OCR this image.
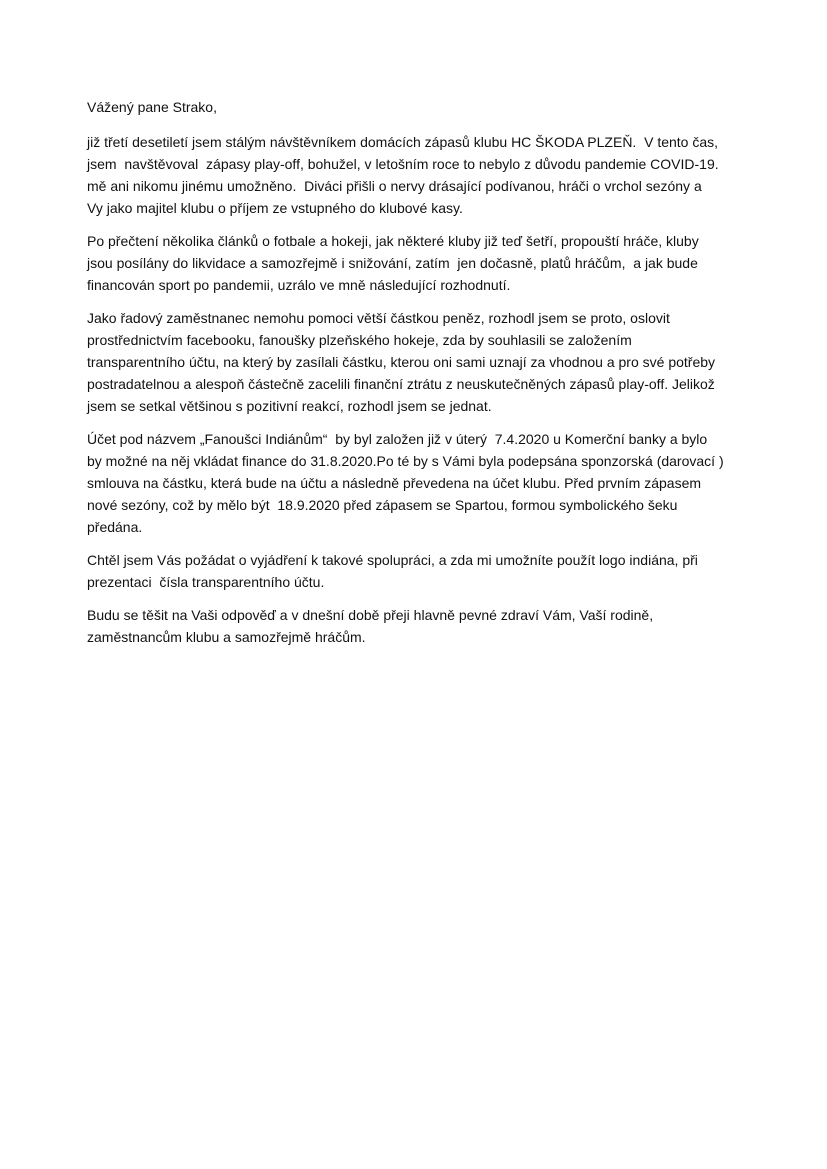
Vážený pane Strako,
již třetí desetiletí jsem stálým návštěvníkem domácích zápasů klubu HC ŠKODA PLZEŇ.  V tento čas,
jsem  navštěvoval  zápasy play-off, bohužel, v letošním roce to nebylo z důvodu pandemie COVID-19.
mě ani nikomu jinému umožněno.  Diváci přišli o nervy drásající podívanou, hráči o vrchol sezóny a
Vy jako majitel klubu o příjem ze vstupného do klubové kasy.
Po přečtení několika článků o fotbale a hokeji, jak některé kluby již teď šetří, propouští hráče, kluby
jsou posílány do likvidace a samozřejmě i snižování, zatím  jen dočasně, platů hráčům,  a jak bude
financován sport po pandemii, uzrálo ve mně následující rozhodnutí.
Jako řadový zaměstnanec nemohu pomoci větší částkou peněz, rozhodl jsem se proto, oslovit
prostřednictvím facebooku, fanoušky plzeňského hokeje, zda by souhlasili se založením
transparentního účtu, na který by zasílali částku, kterou oni sami uznají za vhodnou a pro své potřeby
postradatelnou a alespoň částečně zacelili finanční ztrátu z neuskutečněných zápasů play-off. Jelikož
jsem se setkal většinou s pozitivní reakcí, rozhodl jsem se jednat.
Účet pod názvem „Fanoušci Indiánům“  by byl založen již v úterý  7.4.2020 u Komerční banky a bylo
by možné na něj vkládat finance do 31.8.2020.Po té by s Vámi byla podepsána sponzorská (darovací )
smlouva na částku, která bude na účtu a následně převedena na účet klubu. Před prvním zápasem
nové sezóny, což by mělo být  18.9.2020 před zápasem se Spartou, formou symbolického šeku
předána.
Chtěl jsem Vás požádat o vyjádření k takové spolupráci, a zda mi umožníte použít logo indiána, při
prezentaci  čísla transparentního účtu.
Budu se těšit na Vaši odpověď a v dnešní době přeji hlavně pevné zdraví Vám, Vaší rodině,
zaměstnancům klubu a samozřejmě hráčům.
